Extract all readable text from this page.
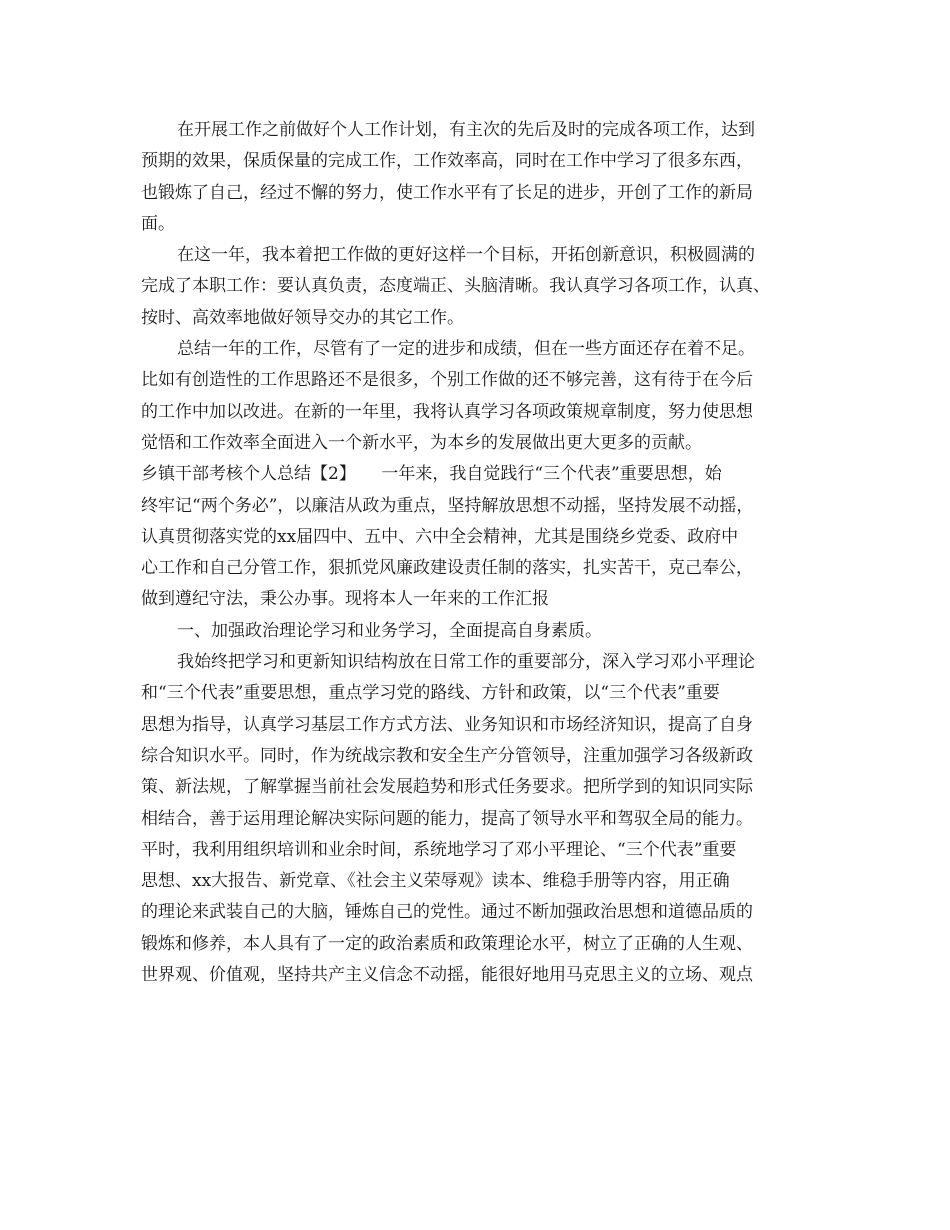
在开展工作之前做好个人工作计划，有主次的先后及时的完成各项工作，达到
预期的效果，保质保量的完成工作，工作效率高，同时在工作中学习了很多东西，
也锻炼了自己，经过不懈的努力，使工作水平有了长足的进步，开创了工作的新局
面。
在这一年，我本着把工作做的更好这样一个目标，开拓创新意识，积极圆满的
完成了本职工作：要认真负责，态度端正、头脑清晰。我认真学习各项工作，认真、
按时、高效率地做好领导交办的其它工作。
总结一年的工作，尽管有了一定的进步和成绩，但在一些方面还存在着不足。
比如有创造性的工作思路还不是很多，个别工作做的还不够完善，这有待于在今后
的工作中加以改进。在新的一年里，我将认真学习各项政策规章制度，努力使思想
觉悟和工作效率全面进入一个新水平，为本乡的发展做出更大更多的贡献。
乡镇干部考核个人总结【2】　　一年来，我自觉践行“三个代表”重要思想，始
终牢记“两个务必”，以廉洁从政为重点，坚持解放思想不动摇，坚持发展不动摇，
认真贯彻落实党的xx届四中、五中、六中全会精神，尤其是围绕乡党委、政府中
心工作和自己分管工作，狠抓党风廉政建设责任制的落实，扎实苦干，克己奉公，
做到遵纪守法，秉公办事。现将本人一年来的工作汇报
一、加强政治理论学习和业务学习，全面提高自身素质。
我始终把学习和更新知识结构放在日常工作的重要部分，深入学习邓小平理论
和“三个代表”重要思想，重点学习党的路线、方针和政策，以“三个代表”重要
思想为指导，认真学习基层工作方式方法、业务知识和市场经济知识，提高了自身
综合知识水平。同时，作为统战宗教和安全生产分管领导，注重加强学习各级新政
策、新法规，了解掌握当前社会发展趋势和形式任务要求。把所学到的知识同实际
相结合，善于运用理论解决实际问题的能力，提高了领导水平和驾驭全局的能力。
平时，我利用组织培训和业余时间，系统地学习了邓小平理论、“三个代表”重要
思想、xx大报告、新党章、《社会主义荣辱观》读本、维稳手册等内容，用正确
的理论来武装自己的大脑，锤炼自己的党性。通过不断加强政治思想和道德品质的
锻炼和修养，本人具有了一定的政治素质和政策理论水平，树立了正确的人生观、
世界观、价值观，坚持共产主义信念不动摇，能很好地用马克思主义的立场、观点
